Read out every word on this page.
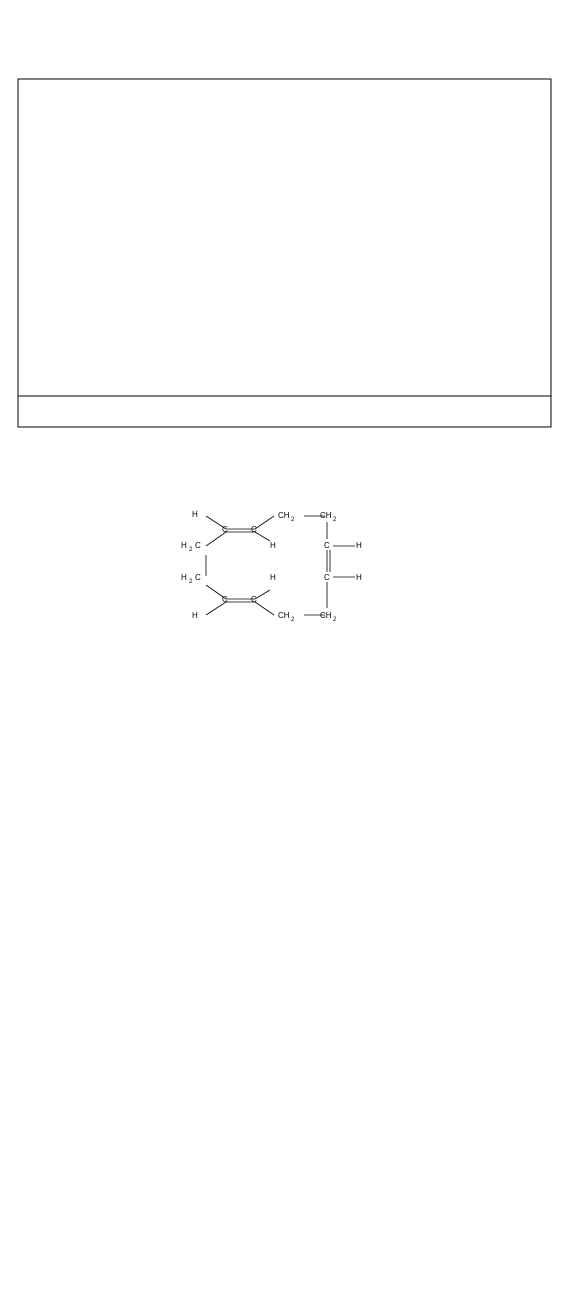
H
C	C
CH 2	CH 2
H 2 C	H	C	H
H 2 C	H	C	H
C	C
H	CH 2	CH 2
